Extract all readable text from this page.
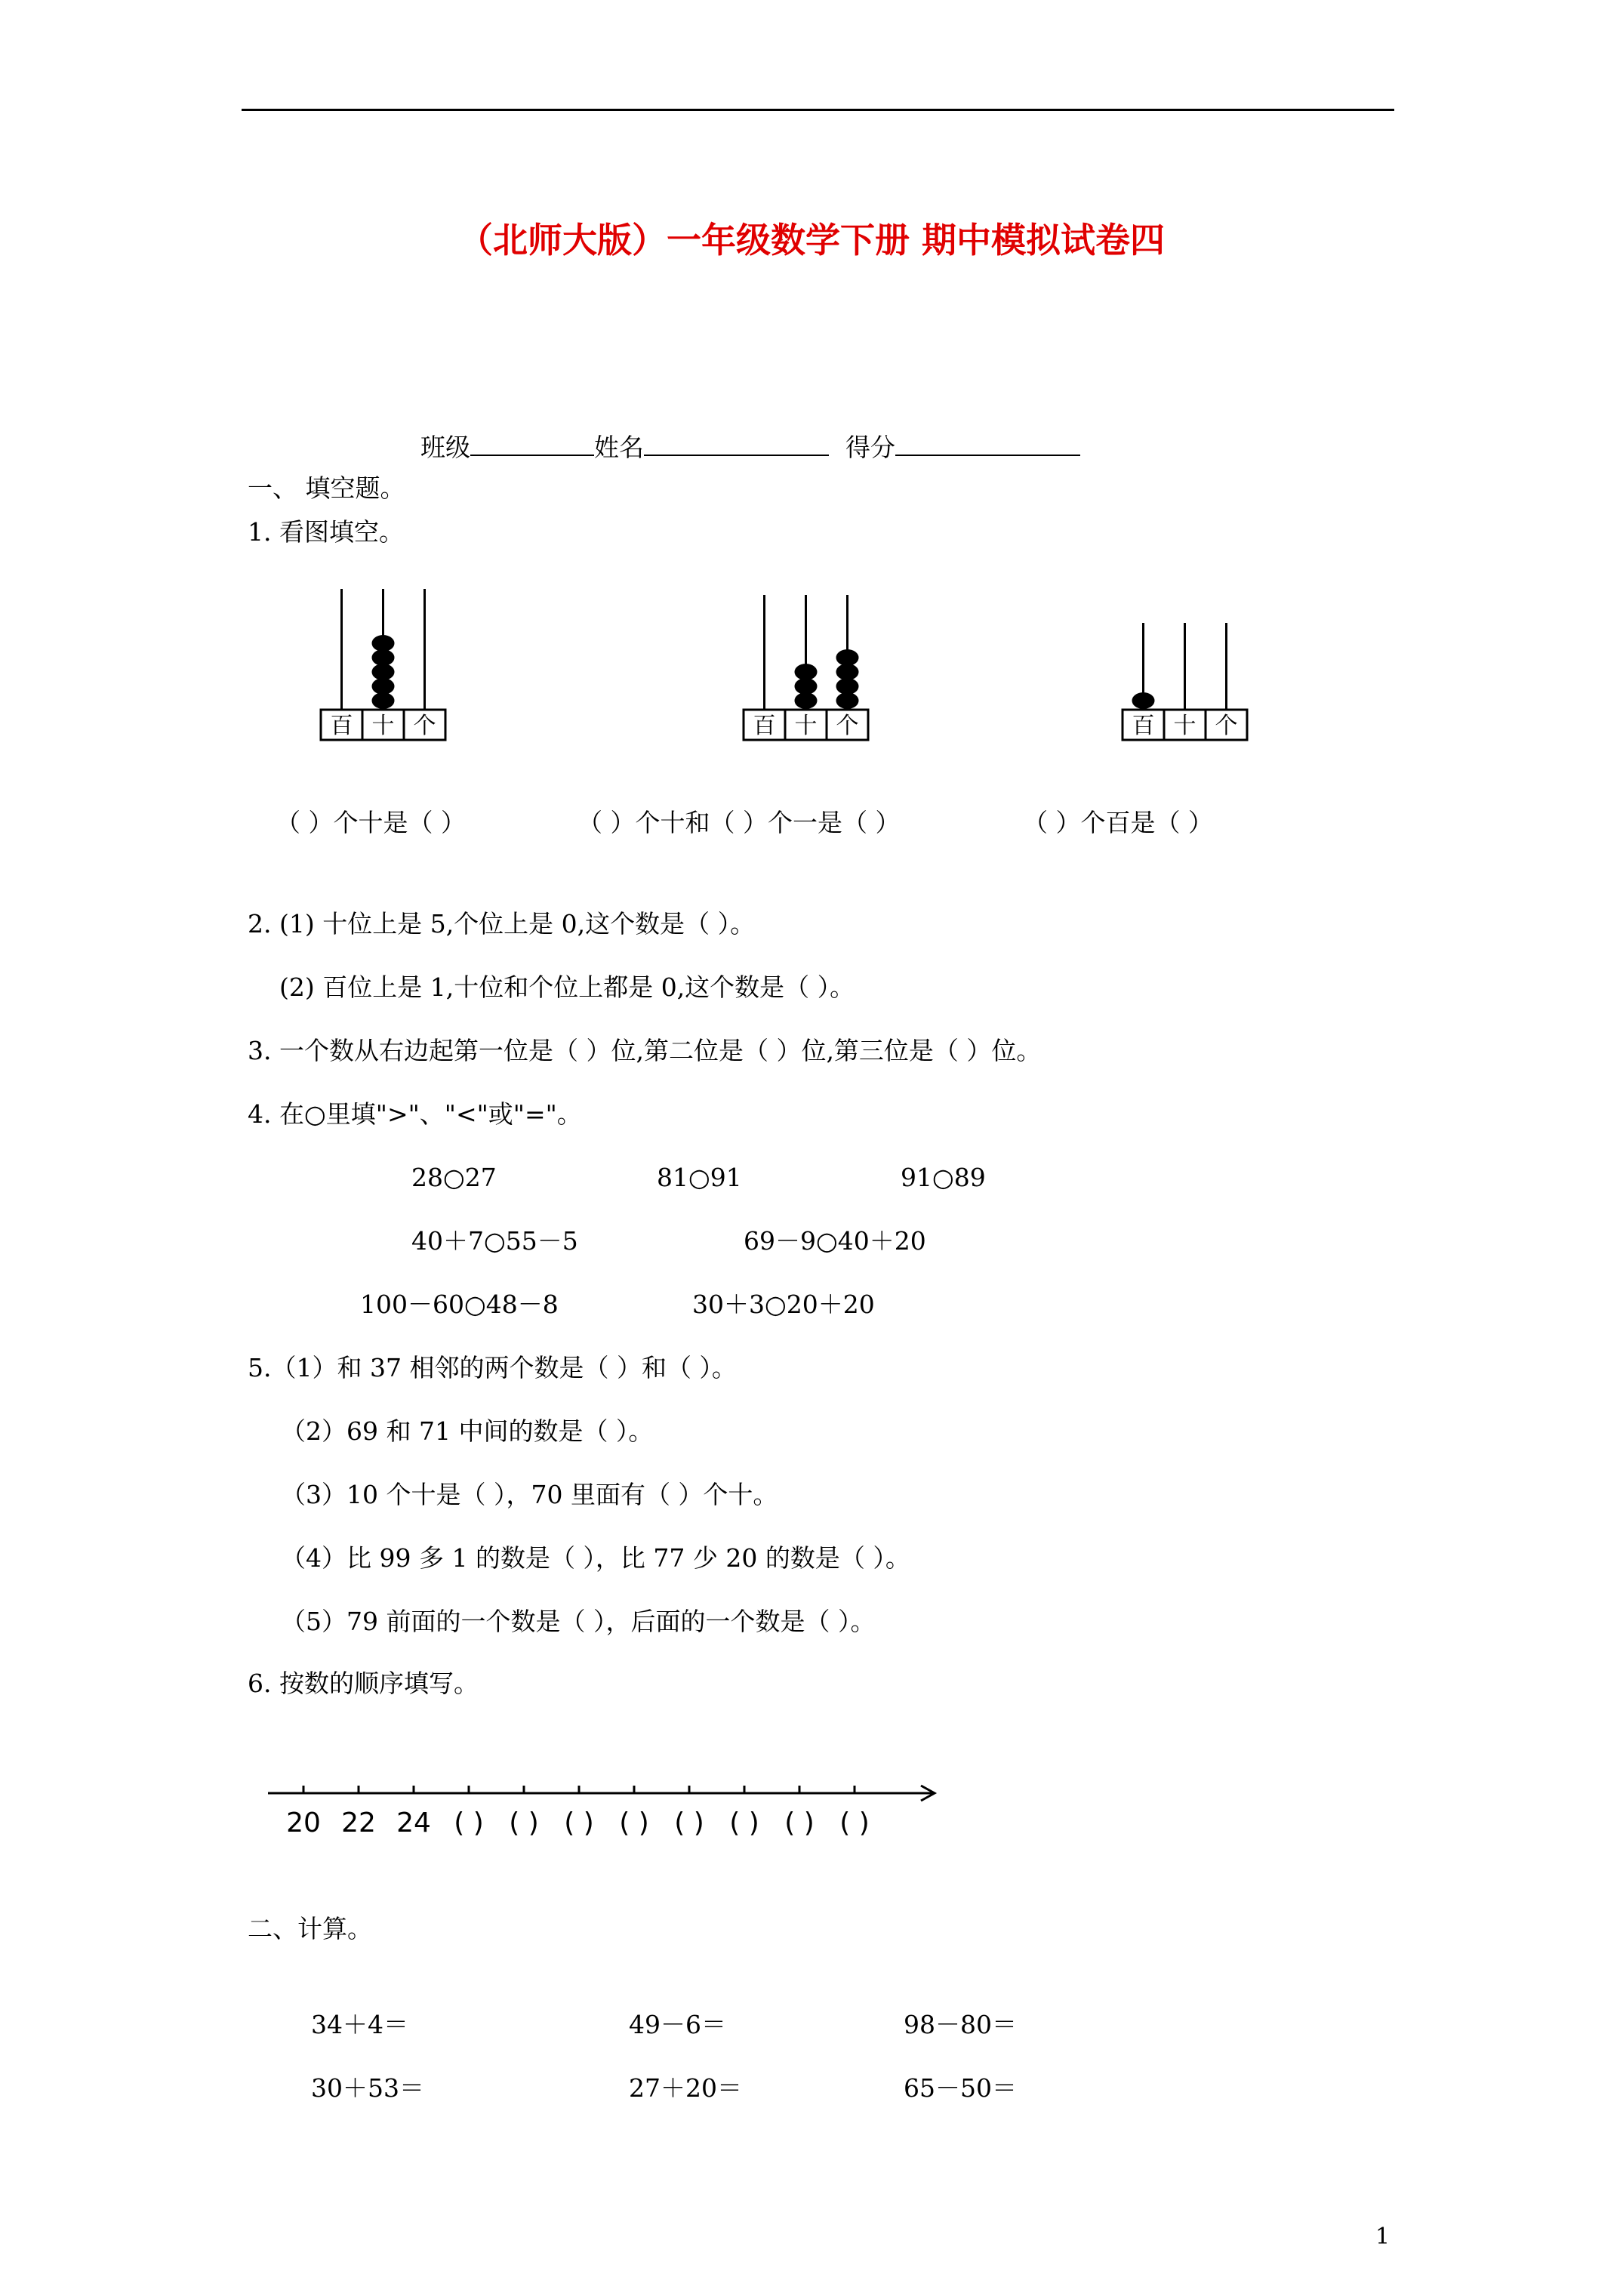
（北师大版）一年级数学下册 期中模拟试卷四
班级	姓名	得分
一、 填空题。
1. 看图填空。
百 十 个	百 十 个	百 十 个
（ ）个十是（ ）	（ ）个十和（ ）个一是（ ）	（ ）个百是（ ）
2. (1) 十位上是 5,个位上是 0,这个数是（ ）。
(2) 百位上是 1,十位和个位上都是 0,这个数是（ ）。
3. 一个数从右边起第一位是（ ）位,第二位是（ ）位,第三位是（ ）位。
4. 在○里填">"、"<"或"="。
28○27	81○91	91○89
40＋7○55－5	69－9○40＋20
100－60○48－8	30＋3○20＋20
5.（1）和 37 相邻的两个数是（ ）和（ ）。
（2）69 和 71 中间的数是（ ）。
（3）10 个十是（ ），70 里面有（ ）个十。
（4）比 99 多 1 的数是（ ），比 77 少 20 的数是（ ）。
（5）79 前面的一个数是（ ），后面的一个数是（ ）。
6. 按数的顺序填写。
20 22 24 ( ) ( ) ( ) ( ) ( ) ( ) ( ) ( )
二、计算。
34＋4＝	49－6＝	98－80＝
30＋53＝	27＋20＝	65－50＝
1
